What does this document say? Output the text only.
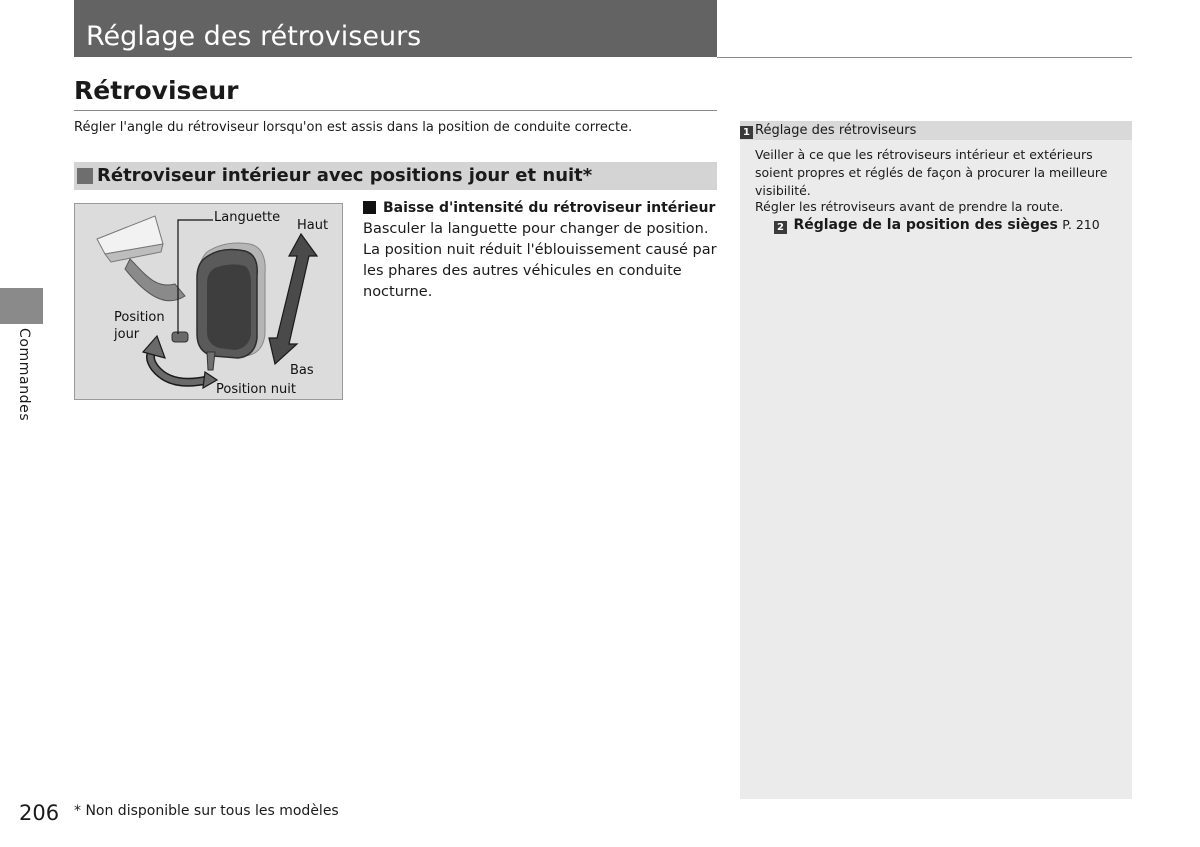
Réglage des rétroviseurs
Rétroviseur
Régler l'angle du rétroviseur lorsqu'on est assis dans la position de conduite correcte.
Rétroviseur intérieur avec positions jour et nuit*
Languette
Haut
Position
jour
Bas
Position nuit
Baisse d'intensité du rétroviseur intérieur
Basculer la languette pour changer de position.
La position nuit réduit l'éblouissement causé par les phares des autres véhicules en conduite nocturne.
1 Réglage des rétroviseurs
Veiller à ce que les rétroviseurs intérieur et extérieurs soient propres et réglés de façon à procurer la meilleure visibilité.
Régler les rétroviseurs avant de prendre la route.
2 Réglage de la position des sièges P. 210
Commandes
206 * Non disponible sur tous les modèles
